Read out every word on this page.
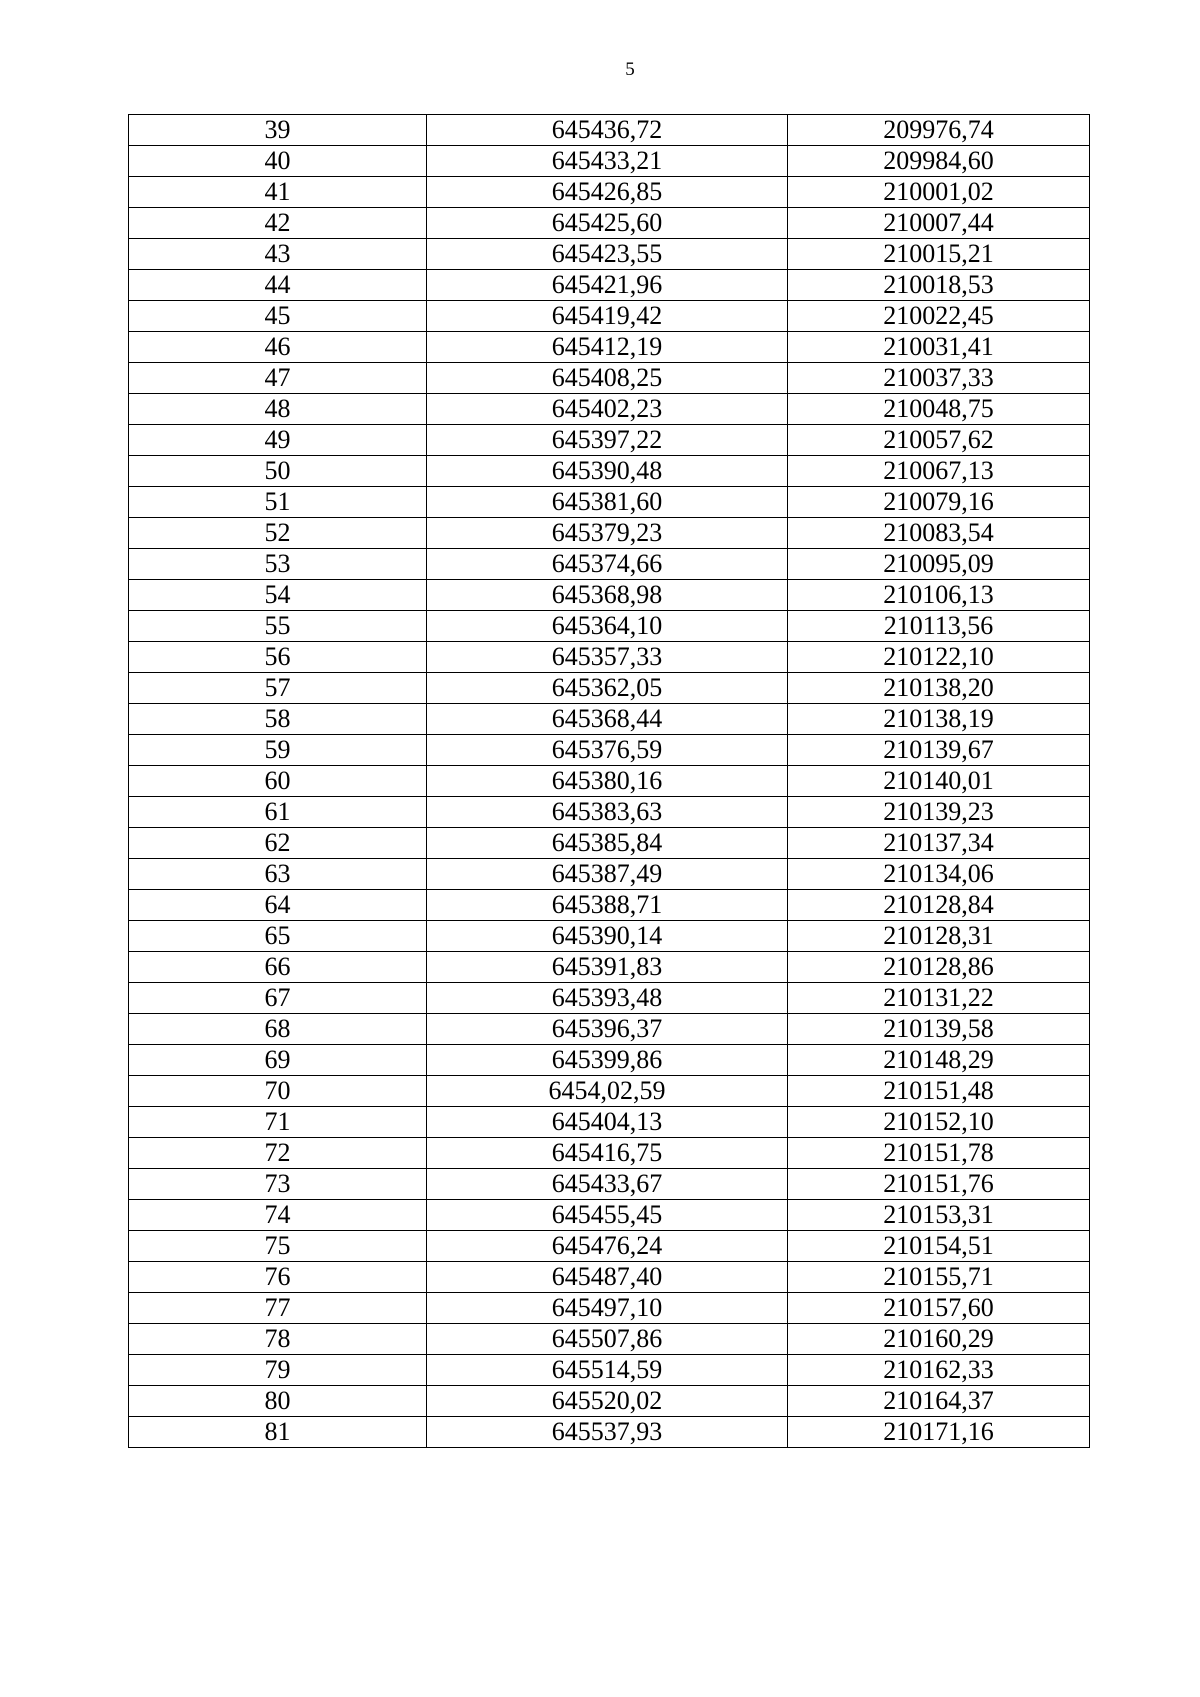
5
39	645436,72	209976,74
40	645433,21	209984,60
41	645426,85	210001,02
42	645425,60	210007,44
43	645423,55	210015,21
44	645421,96	210018,53
45	645419,42	210022,45
46	645412,19	210031,41
47	645408,25	210037,33
48	645402,23	210048,75
49	645397,22	210057,62
50	645390,48	210067,13
51	645381,60	210079,16
52	645379,23	210083,54
53	645374,66	210095,09
54	645368,98	210106,13
55	645364,10	210113,56
56	645357,33	210122,10
57	645362,05	210138,20
58	645368,44	210138,19
59	645376,59	210139,67
60	645380,16	210140,01
61	645383,63	210139,23
62	645385,84	210137,34
63	645387,49	210134,06
64	645388,71	210128,84
65	645390,14	210128,31
66	645391,83	210128,86
67	645393,48	210131,22
68	645396,37	210139,58
69	645399,86	210148,29
70	6454,02,59	210151,48
71	645404,13	210152,10
72	645416,75	210151,78
73	645433,67	210151,76
74	645455,45	210153,31
75	645476,24	210154,51
76	645487,40	210155,71
77	645497,10	210157,60
78	645507,86	210160,29
79	645514,59	210162,33
80	645520,02	210164,37
81	645537,93	210171,16
